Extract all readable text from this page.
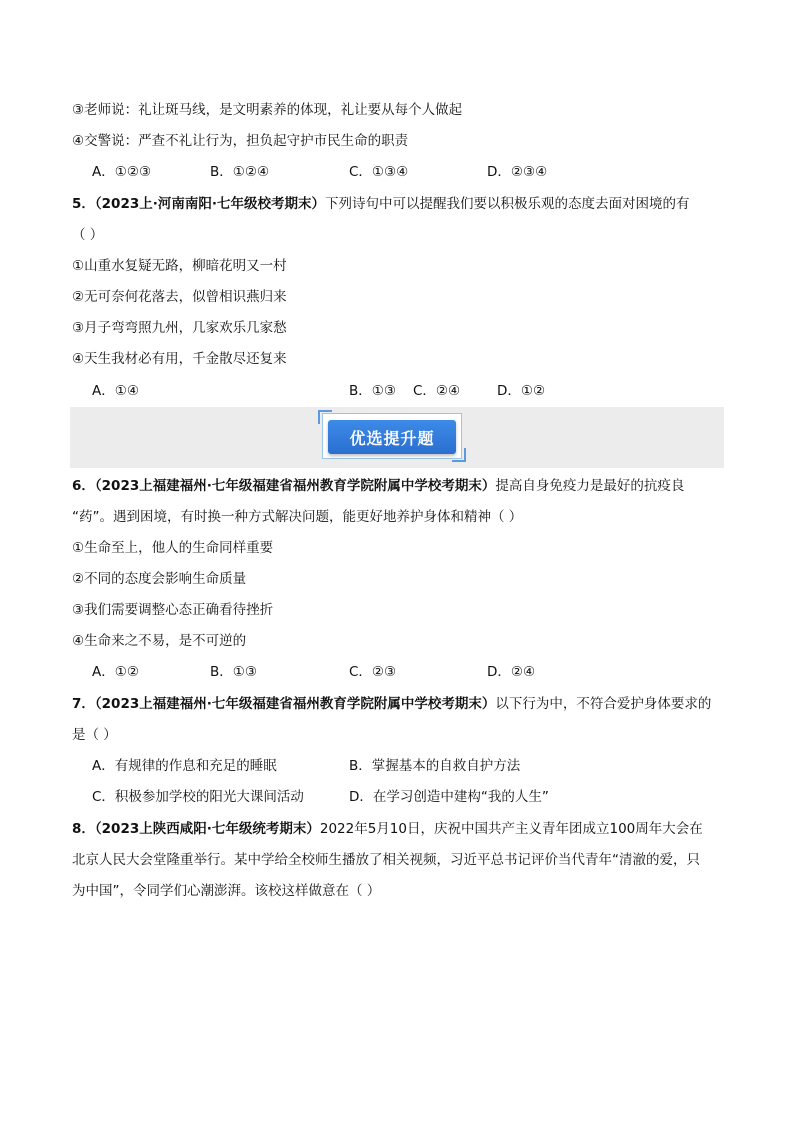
③老师说：礼让斑马线，是文明素养的体现，礼让要从每个人做起
④交警说：严查不礼让行为，担负起守护市民生命的职责
A．①②③	B．①②④	C．①③④	D．②③④
5．（2023上·河南南阳·七年级校考期末）下列诗句中可以提醒我们要以积极乐观的态度去面对困境的有
（ ）
①山重水复疑无路，柳暗花明又一村
②无可奈何花落去，似曾相识燕归来
③月子弯弯照九州，几家欢乐几家愁
④天生我材必有用，千金散尽还复来
A．①④	B．①③ C．②④	D．①②
优选提升题
6．（2023上福建福州·七年级福建省福州教育学院附属中学校考期末）提高自身免疫力是最好的抗疫良
“药”。遇到困境，有时换一种方式解决问题，能更好地养护身体和精神（ ）
①生命至上，他人的生命同样重要
②不同的态度会影响生命质量
③我们需要调整心态正确看待挫折
④生命来之不易，是不可逆的
A．①②	B．①③	C．②③	D．②④
7．（2023上福建福州·七年级福建省福州教育学院附属中学校考期末）以下行为中，不符合爱护身体要求的
是（ ）
A．有规律的作息和充足的睡眠	B．掌握基本的自救自护方法
C．积极参加学校的阳光大课间活动	D．在学习创造中建构“我的人生”
8．（2023上陕西咸阳·七年级统考期末）2022年5月10日，庆祝中国共产主义青年团成立100周年大会在
北京人民大会堂隆重举行。某中学给全校师生播放了相关视频，习近平总书记评价当代青年“清澈的爱，只
为中国”，令同学们心潮澎湃。该校这样做意在（ ）
